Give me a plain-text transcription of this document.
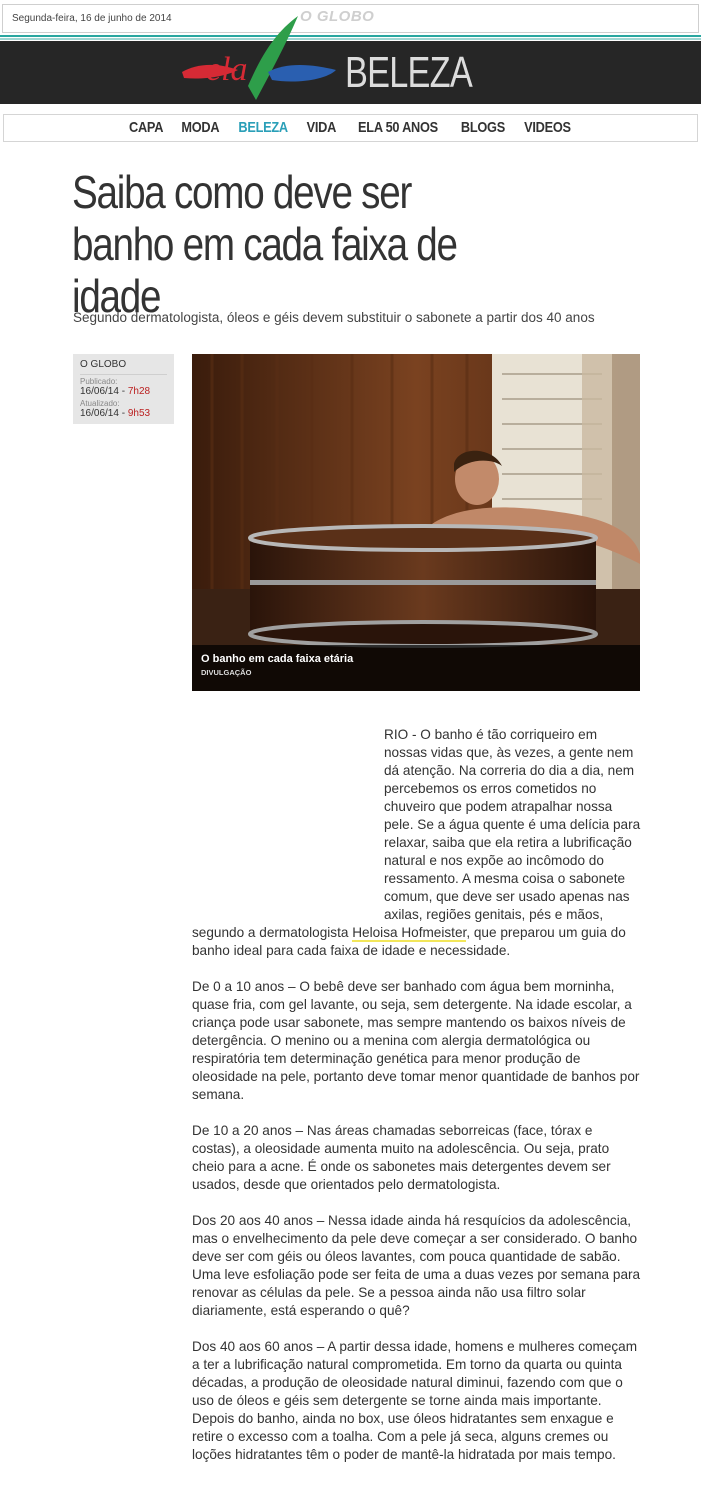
Segunda-feira, 16 de junho de 2014	O GLOBO
ela BELEZA
CAPA MODA BELEZA VIDA ELA 50 ANOS BLOGS VIDEOS
Saiba como deve ser banho em cada faixa de idade
Segundo dermatologista, óleos e géis devem substituir o sabonete a partir dos 40 anos
O GLOBO
Publicado:
16/06/14 - 7h28
Atualizado:
16/06/14 - 9h53
O banho em cada faixa etária
DIVULGAÇÃO

RIO - O banho é tão corriqueiro em nossas vidas que, às vezes, a gente nem dá atenção. Na correria do dia a dia, nem percebemos os erros cometidos no chuveiro que podem atrapalhar nossa pele. Se a água quente é uma delícia para relaxar, saiba que ela retira a lubrificação natural e nos expõe ao incômodo do ressamento. A mesma coisa o sabonete comum, que deve ser usado apenas nas axilas, regiões genitais, pés e mãos, segundo a dermatologista Heloisa Hofmeister, que preparou um guia do banho ideal para cada faixa de idade e necessidade.

De 0 a 10 anos – O bebê deve ser banhado com água bem morninha, quase fria, com gel lavante, ou seja, sem detergente. Na idade escolar, a criança pode usar sabonete, mas sempre mantendo os baixos níveis de detergência. O menino ou a menina com alergia dermatológica ou respiratória tem determinação genética para menor produção de oleosidade na pele, portanto deve tomar menor quantidade de banhos por semana.

De 10 a 20 anos – Nas áreas chamadas seborreicas (face, tórax e costas), a oleosidade aumenta muito na adolescência. Ou seja, prato cheio para a acne. É onde os sabonetes mais detergentes devem ser usados, desde que orientados pelo dermatologista.

Dos 20 aos 40 anos – Nessa idade ainda há resquícios da adolescência, mas o envelhecimento da pele deve começar a ser considerado. O banho deve ser com géis ou óleos lavantes, com pouca quantidade de sabão. Uma leve esfoliação pode ser feita de uma a duas vezes por semana para renovar as células da pele. Se a pessoa ainda não usa filtro solar diariamente, está esperando o quê?

Dos 40 aos 60 anos – A partir dessa idade, homens e mulheres começam a ter a lubrificação natural comprometida. Em torno da quarta ou quinta décadas, a produção de oleosidade natural diminui, fazendo com que o uso de óleos e géis sem detergente se torne ainda mais importante. Depois do banho, ainda no box, use óleos hidratantes sem enxague e retire o excesso com a toalha. Com a pele já seca, alguns cremes ou loções hidratantes têm o poder de mantê-la hidratada por mais tempo.
